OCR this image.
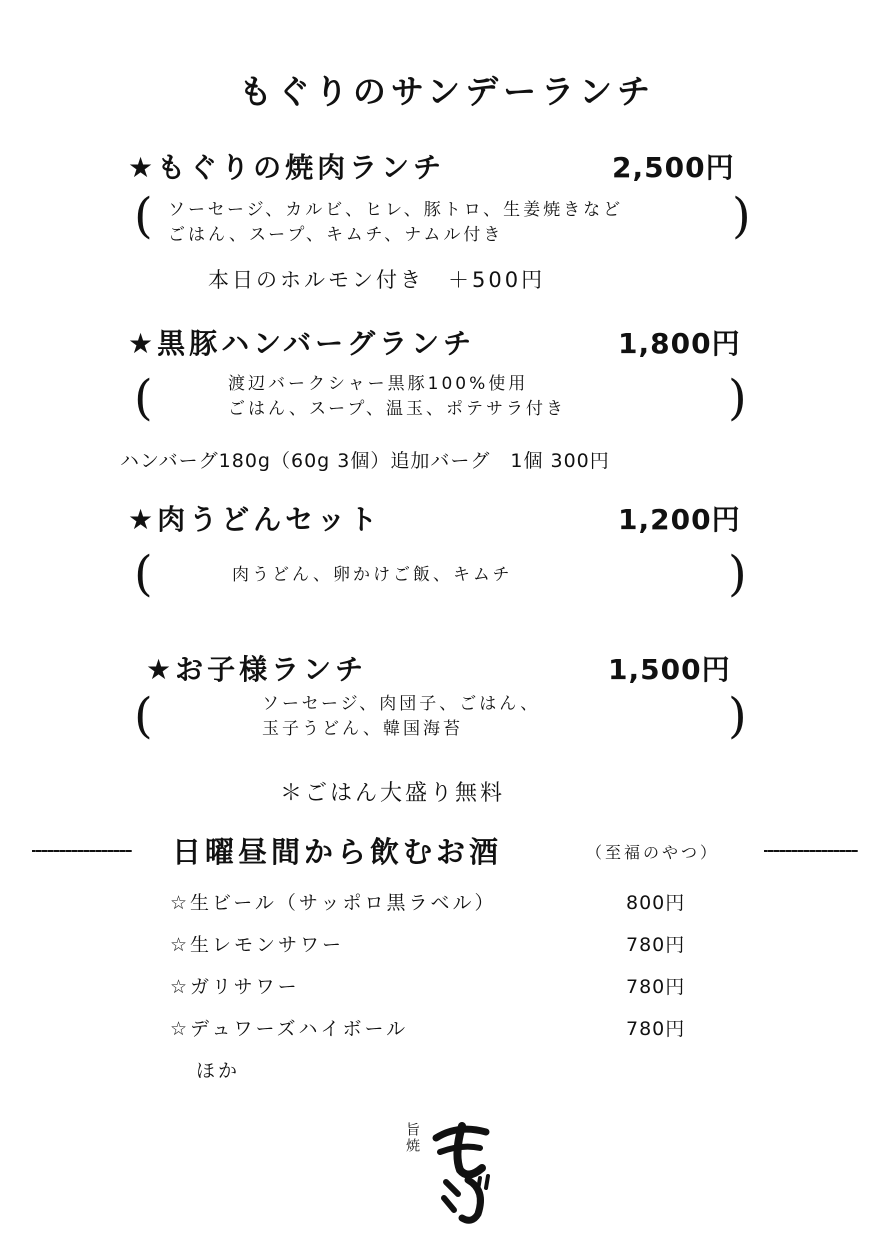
もぐりのサンデーランチ
★もぐりの焼肉ランチ	2,500円
( ソーセージ、カルビ、ヒレ、豚トロ、生姜焼きなど
ごはん、スープ、キムチ、ナムル付き	)
本日のホルモン付き　＋500円
★黒豚ハンバーグランチ	1,800円
(	渡辺バークシャー黒豚100%使用
ごはん、スープ、温玉、ポテサラ付き	)
ハンバーグ180g（60g 3個）追加バーグ　1個 300円
★肉うどんセット	1,200円
(	肉うどん、卵かけご飯、キムチ	)
★お子様ランチ	1,500円
(	ソーセージ、肉団子、ごはん、
玉子うどん、韓国海苔	)
＊ごはん大盛り無料
日曜昼間から飲むお酒	（至福のやつ）
☆生ビール（サッポロ黒ラベル）	800円
☆生レモンサワー	780円
☆ガリサワー	780円
☆デュワーズハイボール	780円
ほか
旨焼
